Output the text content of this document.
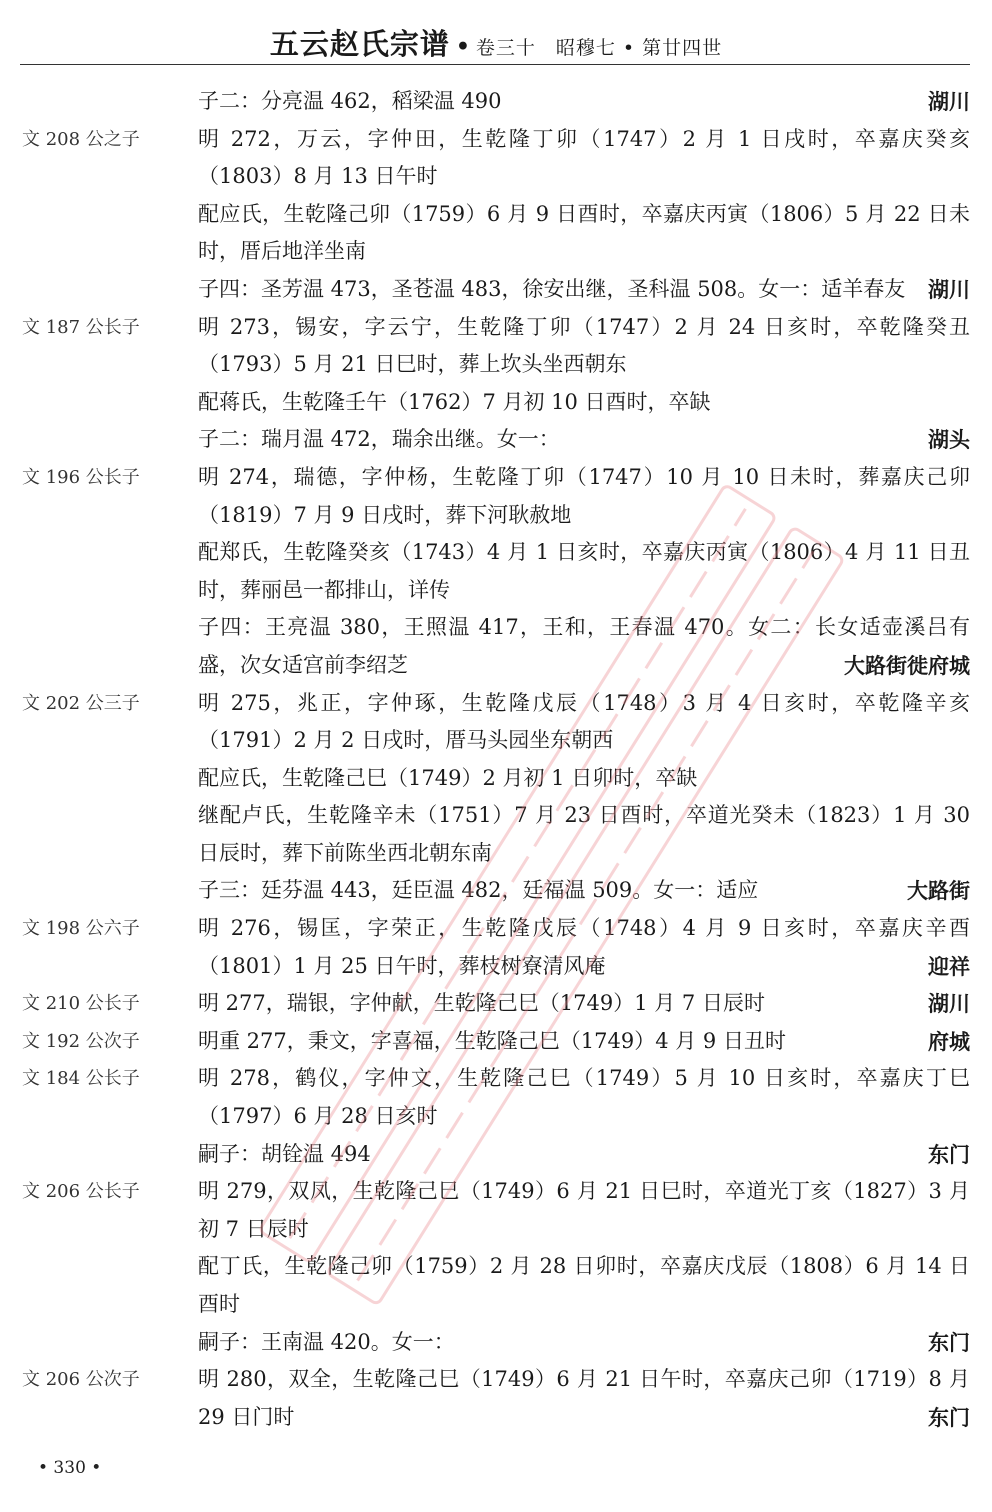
五云赵氏宗谱 • 卷三十　昭穆七 • 第廿四世
子二：分亮温 462，稻梁温 490	湖川
文 208 公之子	明 272，万云，字仲田，生乾隆丁卯（1747）2 月 1 日戌时，卒嘉庆癸亥
（1803）8 月 13 日午时
配应氏，生乾隆己卯（1759）6 月 9 日酉时，卒嘉庆丙寅（1806）5 月 22 日未
时，厝后地洋坐南
子四：圣芳温 473，圣苍温 483，徐安出继，圣科温 508。女一：适羊春友	湖川
文 187 公长子	明 273，锡安，字云宁，生乾隆丁卯（1747）2 月 24 日亥时，卒乾隆癸丑
（1793）5 月 21 日巳时，葬上坎头坐西朝东
配蒋氏，生乾隆壬午（1762）7 月初 10 日酉时，卒缺
子二：瑞月温 472，瑞余出继。女一：	湖头
文 196 公长子	明 274，瑞德，字仲杨，生乾隆丁卯（1747）10 月 10 日未时，葬嘉庆己卯
（1819）7 月 9 日戌时，葬下河耿赦地
配郑氏，生乾隆癸亥（1743）4 月 1 日亥时，卒嘉庆丙寅（1806）4 月 11 日丑
时，葬丽邑一都排山，详传
子四：王亮温 380，王照温 417，王和，王春温 470。女二：长女适壶溪吕有
盛，次女适宫前李绍芝	大路街徙府城
文 202 公三子	明 275，兆正，字仲琢，生乾隆戊辰（1748）3 月 4 日亥时，卒乾隆辛亥
（1791）2 月 2 日戌时，厝马头园坐东朝西
配应氏，生乾隆己巳（1749）2 月初 1 日卯时，卒缺
继配卢氏，生乾隆辛未（1751）7 月 23 日酉时，卒道光癸未（1823）1 月 30
日辰时，葬下前陈坐西北朝东南
子三：廷芬温 443，廷臣温 482，廷福温 509。女一：适应	大路街
文 198 公六子	明 276，锡匡，字荣正，生乾隆戊辰（1748）4 月 9 日亥时，卒嘉庆辛酉
（1801）1 月 25 日午时，葬枝树寮清风庵	迎祥
文 210 公长子	明 277，瑞银，字仲献，生乾隆己巳（1749）1 月 7 日辰时	湖川
文 192 公次子	明重 277，秉文，字喜福，生乾隆己巳（1749）4 月 9 日丑时	府城
文 184 公长子	明 278，鹤仪，字仲文，生乾隆己巳（1749）5 月 10 日亥时，卒嘉庆丁巳
（1797）6 月 28 日亥时
嗣子：胡铨温 494	东门
文 206 公长子	明 279，双凤，生乾隆己巳（1749）6 月 21 日巳时，卒道光丁亥（1827）3 月
初 7 日辰时
配丁氏，生乾隆己卯（1759）2 月 28 日卯时，卒嘉庆戊辰（1808）6 月 14 日
酉时
嗣子：王南温 420。女一：	东门
文 206 公次子	明 280，双全，生乾隆己巳（1749）6 月 21 日午时，卒嘉庆己卯（1719）8 月
29 日门时	东门
• 330 •
